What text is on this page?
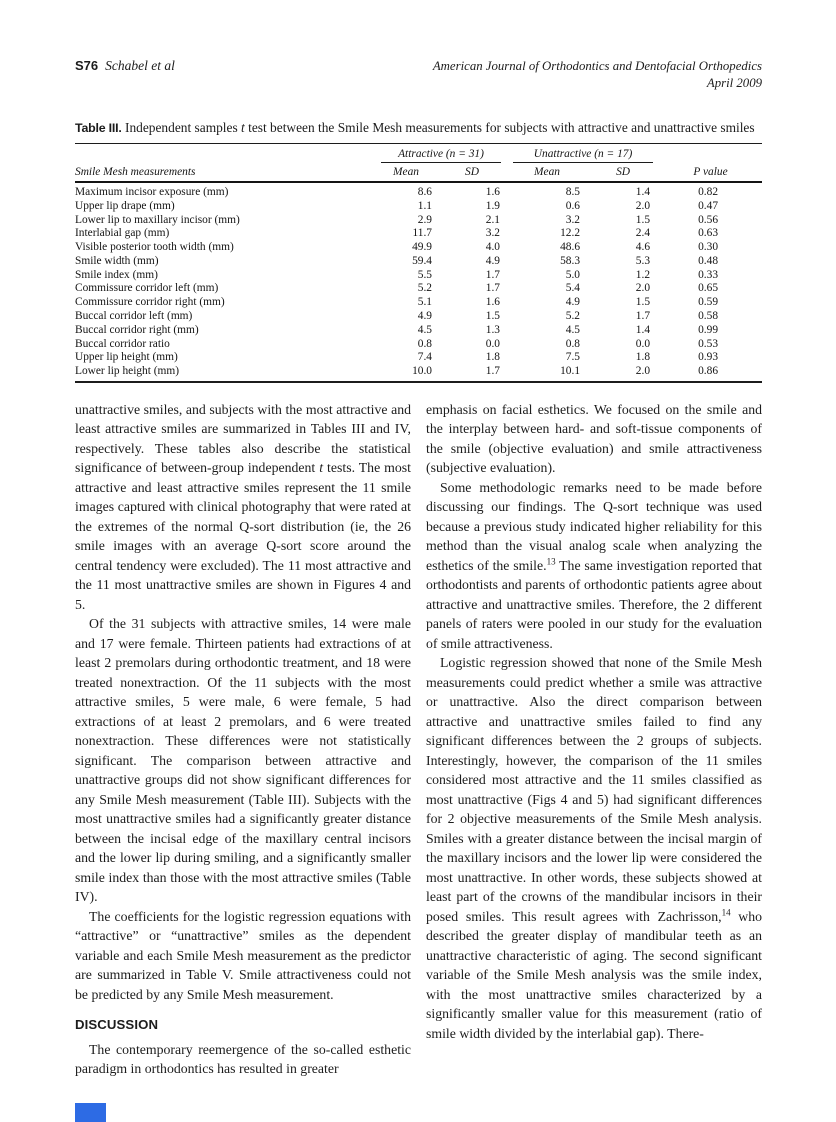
S76 Schabel et al	American Journal of Orthodontics and Dentofacial Orthopedics
April 2009

Table III. Independent samples t test between the Smile Mesh measurements for subjects with attractive and unattractive smiles

	Attractive (n = 31)		Unattractive (n = 17)		

Smile Mesh measurements	Mean	SD	Mean	SD	P value
Maximum incisor exposure (mm)	8.6	1.6	8.5	1.4	0.82
Upper lip drape (mm)	1.1	1.9	0.6	2.0	0.47
Lower lip to maxillary incisor (mm)	2.9	2.1	3.2	1.5	0.56
Interlabial gap (mm)	11.7	3.2	12.2	2.4	0.63
Visible posterior tooth width (mm)	49.9	4.0	48.6	4.6	0.30
Smile width (mm)	59.4	4.9	58.3	5.3	0.48
Smile index (mm)	5.5	1.7	5.0	1.2	0.33
Commissure corridor left (mm)	5.2	1.7	5.4	2.0	0.65
Commissure corridor right (mm)	5.1	1.6	4.9	1.5	0.59
Buccal corridor left (mm)	4.9	1.5	5.2	1.7	0.58
Buccal corridor right (mm)	4.5	1.3	4.5	1.4	0.99
Buccal corridor ratio	0.8	0.0	0.8	0.0	0.53
Upper lip height (mm)	7.4	1.8	7.5	1.8	0.93
Lower lip height (mm)	10.0	1.7	10.1	2.0	0.86

unattractive smiles, and subjects with the most attractive and least attractive smiles are summarized in Tables III and IV, respectively. These tables also describe the statistical significance of between-group independent t tests. The most attractive and least attractive smiles represent the 11 smile images captured with clinical photography that were rated at the extremes of the normal Q-sort distribution (ie, the 26 smile images with an average Q-sort score around the central tendency were excluded). The 11 most attractive and the 11 most unattractive smiles are shown in Figures 4 and 5.

Of the 31 subjects with attractive smiles, 14 were male and 17 were female. Thirteen patients had extractions of at least 2 premolars during orthodontic treatment, and 18 were treated nonextraction. Of the 11 subjects with the most attractive smiles, 5 were male, 6 were female, 5 had extractions of at least 2 premolars, and 6 were treated nonextraction. These differences were not statistically significant. The comparison between attractive and unattractive groups did not show significant differences for any Smile Mesh measurement (Table III). Subjects with the most unattractive smiles had a significantly greater distance between the incisal edge of the maxillary central incisors and the lower lip during smiling, and a significantly smaller smile index than those with the most attractive smiles (Table IV).

The coefficients for the logistic regression equations with “attractive” or “unattractive” smiles as the dependent variable and each Smile Mesh measurement as the predictor are summarized in Table V. Smile attractiveness could not be predicted by any Smile Mesh measurement.

DISCUSSION

The contemporary reemergence of the so-called esthetic paradigm in orthodontics has resulted in greater

emphasis on facial esthetics. We focused on the smile and the interplay between hard- and soft-tissue components of the smile (objective evaluation) and smile attractiveness (subjective evaluation).

Some methodologic remarks need to be made before discussing our findings. The Q-sort technique was used because a previous study indicated higher reliability for this method than the visual analog scale when analyzing the esthetics of the smile.$^{13}$ The same investigation reported that orthodontists and parents of orthodontic patients agree about attractive and unattractive smiles. Therefore, the 2 different panels of raters were pooled in our study for the evaluation of smile attractiveness.

Logistic regression showed that none of the Smile Mesh measurements could predict whether a smile was attractive or unattractive. Also the direct comparison between attractive and unattractive smiles failed to find any significant differences between the 2 groups of subjects. Interestingly, however, the comparison of the 11 smiles considered most attractive and the 11 smiles classified as most unattractive (Figs 4 and 5) had significant differences for 2 objective measurements of the Smile Mesh analysis. Smiles with a greater distance between the incisal margin of the maxillary incisors and the lower lip were considered the most unattractive. In other words, these subjects showed at least part of the crowns of the mandibular incisors in their posed smiles. This result agrees with Zachrisson,$^{14}$ who described the greater display of mandibular teeth as an unattractive characteristic of aging. The second significant variable of the Smile Mesh analysis was the smile index, with the most unattractive smiles characterized by a significantly smaller value for this measurement (ratio of smile width divided by the interlabial gap). There-
